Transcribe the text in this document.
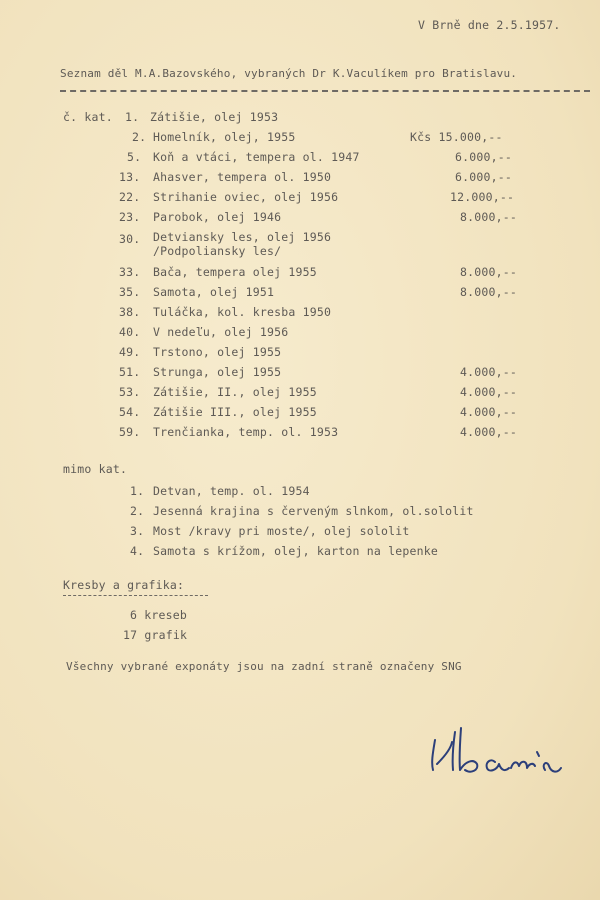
V Brně dne 2.5.1957.
Seznam děl M.A.Bazovského, vybraných Dr K.Vaculíkem pro Bratislavu.
č. kat. 1. Zátišie, olej 1953
2. Homelník, olej, 1955	Kčs 15.000,--
5. Koň a vtáci, tempera ol. 1947	6.000,--
13. Ahasver, tempera ol. 1950	6.000,--
22. Strihanie oviec, olej 1956	12.000,--
23. Parobok, olej 1946	8.000,--
30. Detviansky les, olej 1956
/Podpoliansky les/
33. Bača, tempera olej 1955	8.000,--
35. Samota, olej 1951	8.000,--
38. Tuláčka, kol. kresba 1950
40. V nedeľu, olej 1956
49. Trstono, olej 1955
51. Strunga, olej 1955	4.000,--
53. Zátišie, II., olej 1955	4.000,--
54. Zátišie III., olej 1955	4.000,--
59. Trenčianka, temp. ol. 1953	4.000,--
mimo kat.
1. Detvan, temp. ol. 1954
2. Jesenná krajina s červeným slnkom, ol.sololit
3. Most /kravy pri moste/, olej sololit
4. Samota s krížom, olej, karton na lepenke
Kresby a grafika:
6 kreseb
17 grafik
Všechny vybrané exponáty jsou na zadní straně označeny SNG
